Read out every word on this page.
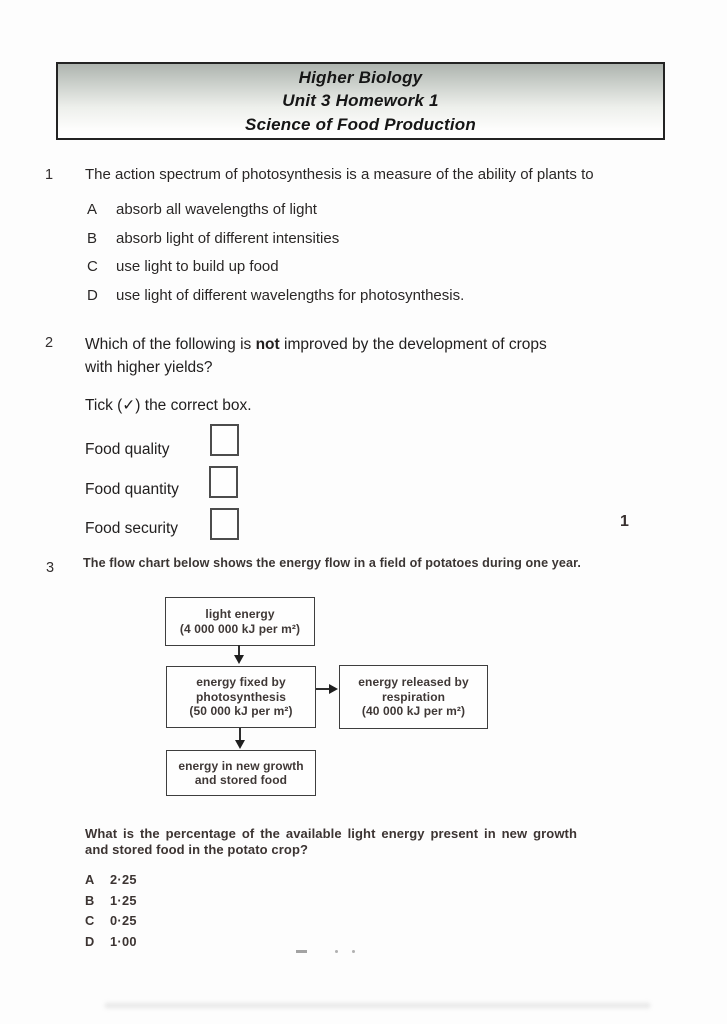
Higher Biology
Unit 3 Homework 1
Science of Food Production
1 The action spectrum of photosynthesis is a measure of the ability of plants to
A absorb all wavelengths of light
B absorb light of different intensities
C use light to build up food
D use light of different wavelengths for photosynthesis.
2 Which of the following is not improved by the development of crops with higher yields?
Tick (✓) the correct box.
Food quality
Food quantity
Food security	1
3 The flow chart below shows the energy flow in a field of potatoes during one year.
light energy
(4 000 000 kJ per m²)
energy fixed by
photosynthesis
(50 000 kJ per m²)
energy released by
respiration
(40 000 kJ per m²)
energy in new growth
and stored food
What is the percentage of the available light energy present in new growth and stored food in the potato crop?
A 2·25
B 1·25
C 0·25
D 1·00
